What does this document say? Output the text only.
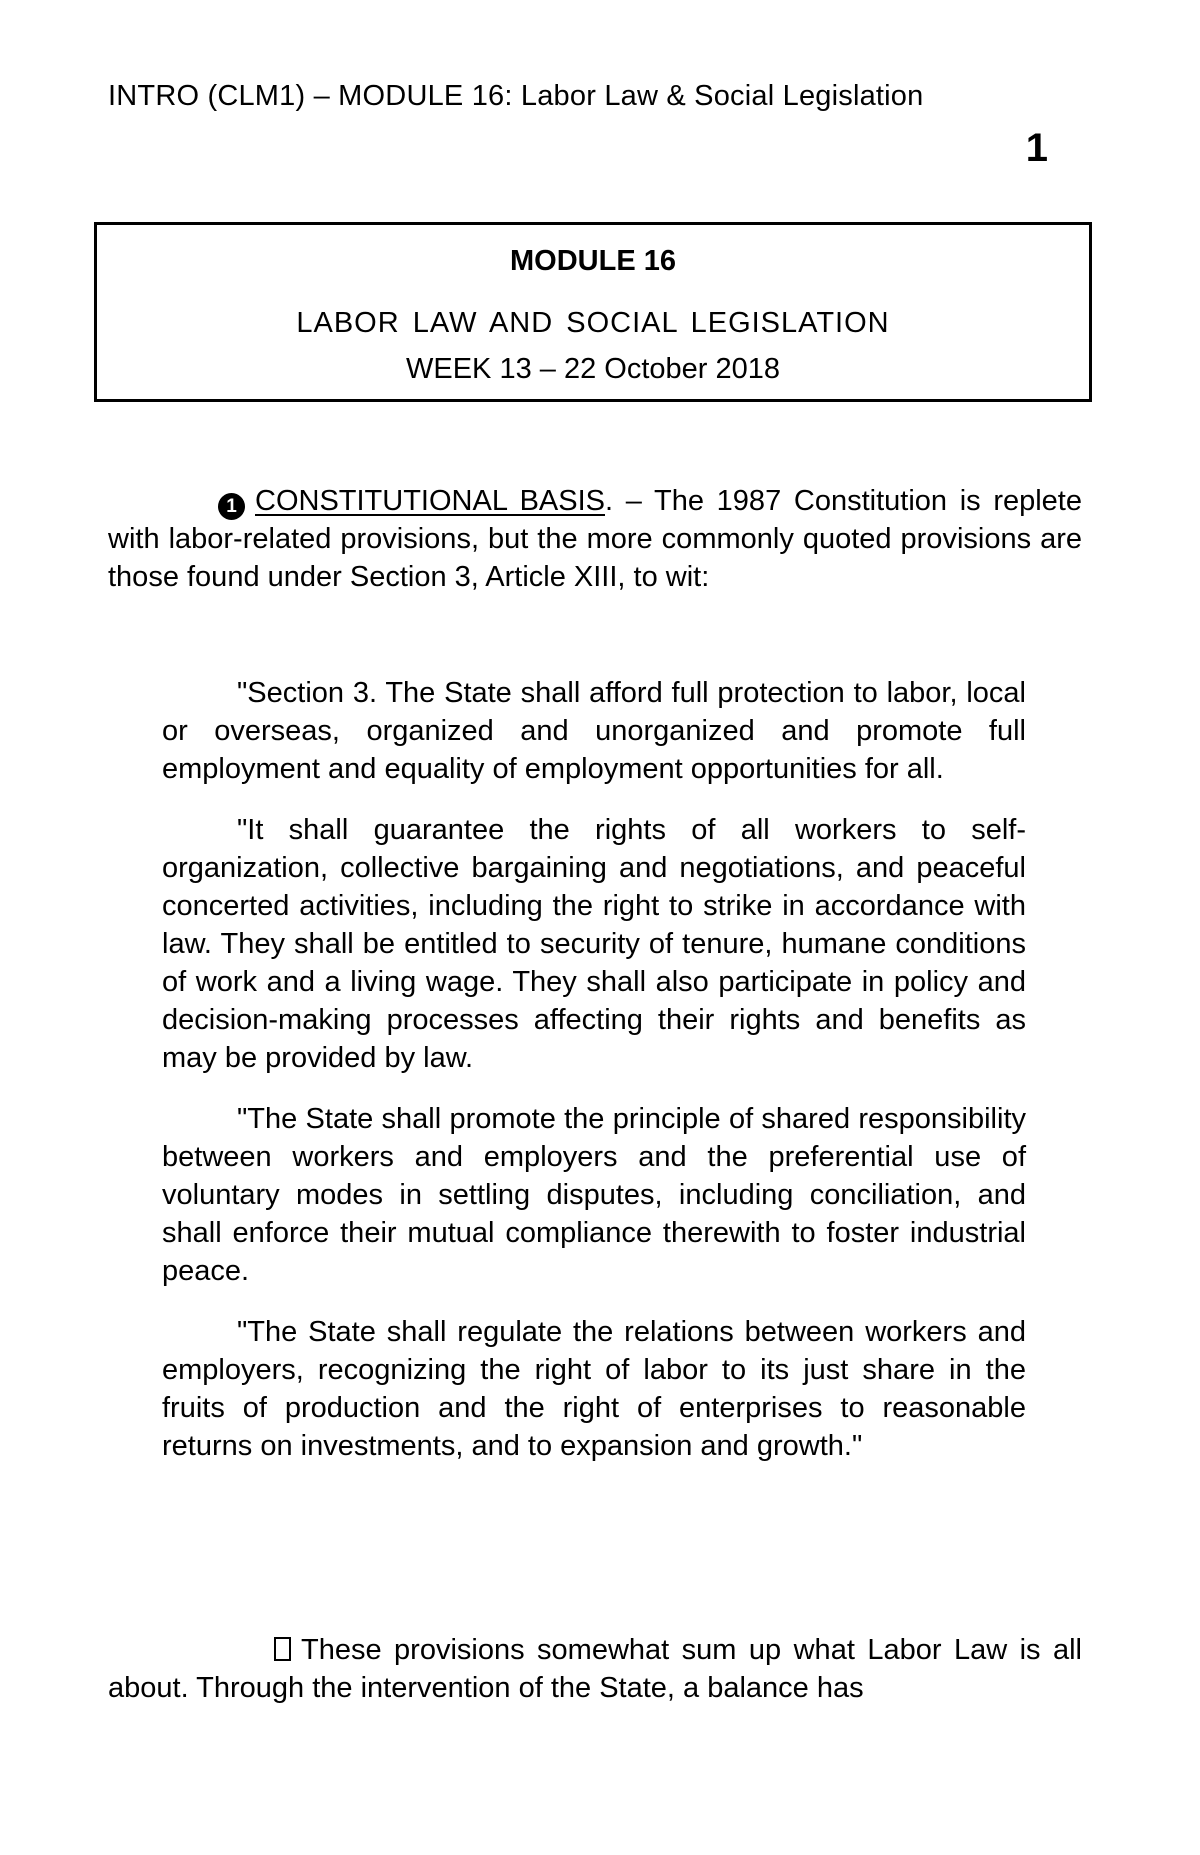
INTRO (CLM1) – MODULE 16: Labor Law & Social Legislation
1
MODULE 16
LABOR LAW AND SOCIAL LEGISLATION
WEEK 13 – 22 October 2018
1 CONSTITUTIONAL BASIS. – The 1987 Constitution is replete with labor-related provisions, but the more commonly quoted provisions are those found under Section 3, Article XIII, to wit:

"Section 3. The State shall afford full protection to labor, local or overseas, organized and unorganized and promote full employment and equality of employment opportunities for all.

"It shall guarantee the rights of all workers to self-organization, collective bargaining and negotiations, and peaceful concerted activities, including the right to strike in accordance with law. They shall be entitled to security of tenure, humane conditions of work and a living wage. They shall also participate in policy and decision-making processes affecting their rights and benefits as may be provided by law.

"The State shall promote the principle of shared responsibility between workers and employers and the preferential use of voluntary modes in settling disputes, including conciliation, and shall enforce their mutual compliance therewith to foster industrial peace.

"The State shall regulate the relations between workers and employers, recognizing the right of labor to its just share in the fruits of production and the right of enterprises to reasonable returns on investments, and to expansion and growth."

These provisions somewhat sum up what Labor Law is all about. Through the intervention of the State, a balance has
